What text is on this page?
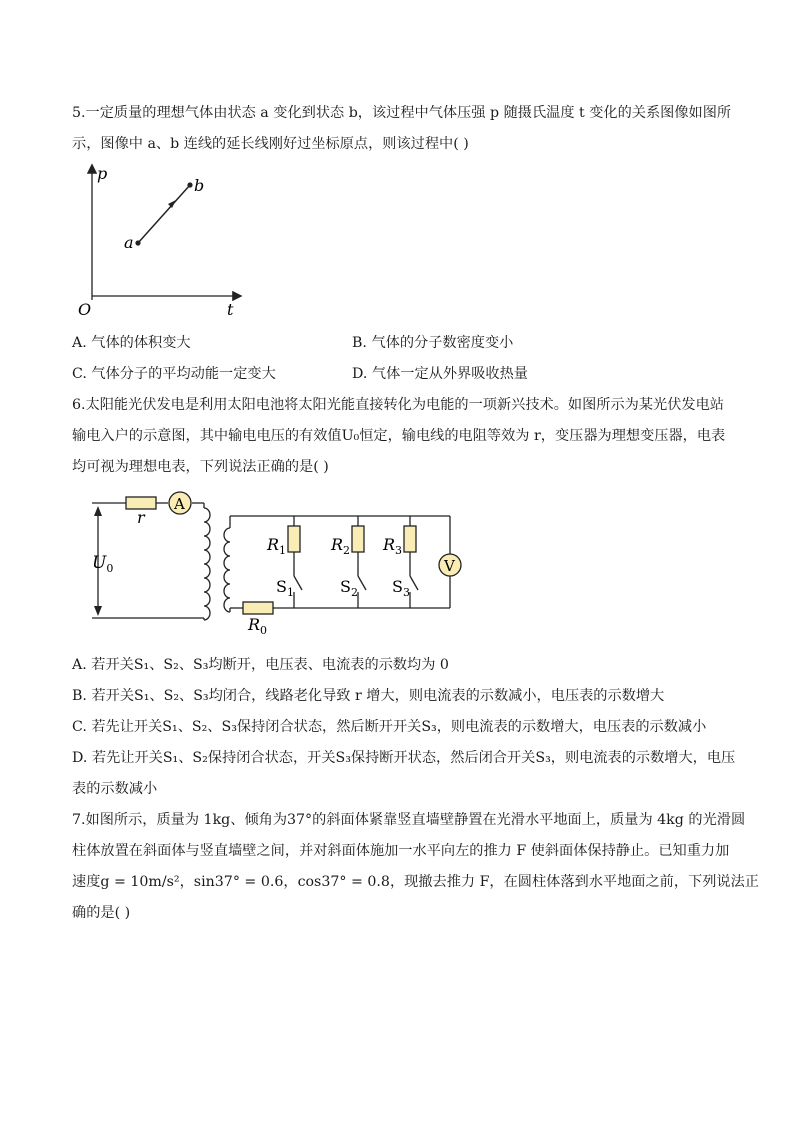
5.一定质量的理想气体由状态 a 变化到状态 b，该过程中气体压强 p 随摄氏温度 t 变化的关系图像如图所
示，图像中 a、b 连线的延长线刚好过坐标原点，则该过程中( )
p
t
O
a
b
A. 气体的体积变大	B. 气体的分子数密度变小
C. 气体分子的平均动能一定变大	D. 气体一定从外界吸收热量
6.太阳能光伏发电是利用太阳电池将太阳光能直接转化为电能的一项新兴技术。如图所示为某光伏发电站
输电入户的示意图，其中输电电压的有效值U₀恒定，输电线的电阻等效为 r，变压器为理想变压器，电表
均可视为理想电表，下列说法正确的是( )
A
r
$U_0$	V
$R_0$
$R_1$	$R_2$ $R_3$
$S_1$	$S_2$ $S_3$
A. 若开关S₁、S₂、S₃均断开，电压表、电流表的示数均为 0
B. 若开关S₁、S₂、S₃均闭合，线路老化导致 r 增大，则电流表的示数减小，电压表的示数增大
C. 若先让开关S₁、S₂、S₃保持闭合状态，然后断开开关S₃，则电流表的示数增大，电压表的示数减小
D. 若先让开关S₁、S₂保持闭合状态，开关S₃保持断开状态，然后闭合开关S₃，则电流表的示数增大，电压
表的示数减小
7.如图所示，质量为 1kg、倾角为37°的斜面体紧靠竖直墙壁静置在光滑水平地面上，质量为 4kg 的光滑圆
柱体放置在斜面体与竖直墙壁之间，并对斜面体施加一水平向左的推力 F 使斜面体保持静止。已知重力加
速度g = 10m/s²，sin37° = 0.6，cos37° = 0.8，现撤去推力 F，在圆柱体落到水平地面之前，下列说法正
确的是( )
